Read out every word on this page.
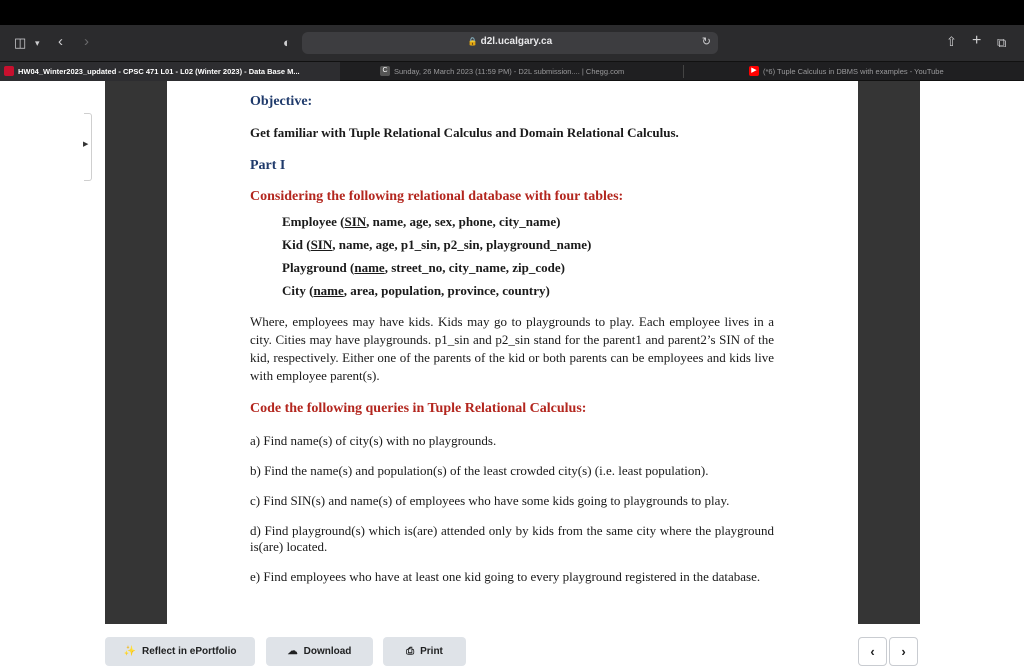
◫ ▾ ‹ ›	◐	🔒 d2l.ucalgary.ca	↻	⇧ + ⧉
HW04_Winter2023_updated - CPSC 471 L01 - L02 (Winter 2023) - Data Base M...	C Sunday, 26 March 2023 (11:59 PM) - D2L submission.... | Chegg.com	▶ (*6) Tuple Calculus in DBMS with examples - YouTube
▶
Objective:
Get familiar with Tuple Relational Calculus and Domain Relational Calculus.
Part I
Considering the following relational database with four tables:
Employee (SIN, name, age, sex, phone, city_name)
Kid (SIN, name, age, p1_sin, p2_sin, playground_name)
Playground (name, street_no, city_name, zip_code)
City (name, area, population, province, country)
Where, employees may have kids. Kids may go to playgrounds to play. Each employee lives in a city. Cities may have playgrounds. p1_sin and p2_sin stand for the parent1 and parent2’s SIN of the kid, respectively. Either one of the parents of the kid or both parents can be employees and kids live with employee parent(s).
Code the following queries in Tuple Relational Calculus:
a) Find name(s) of city(s) with no playgrounds.
b) Find the name(s) and population(s) of the least crowded city(s) (i.e. least population).
c) Find SIN(s) and name(s) of employees who have some kids going to playgrounds to play.
d) Find playground(s) which is(are) attended only by kids from the same city where the playground is(are) located.
e) Find employees who have at least one kid going to every playground registered in the database.
✨ Reflect in ePortfolio	☁ Download	⎙ Print	‹	›
